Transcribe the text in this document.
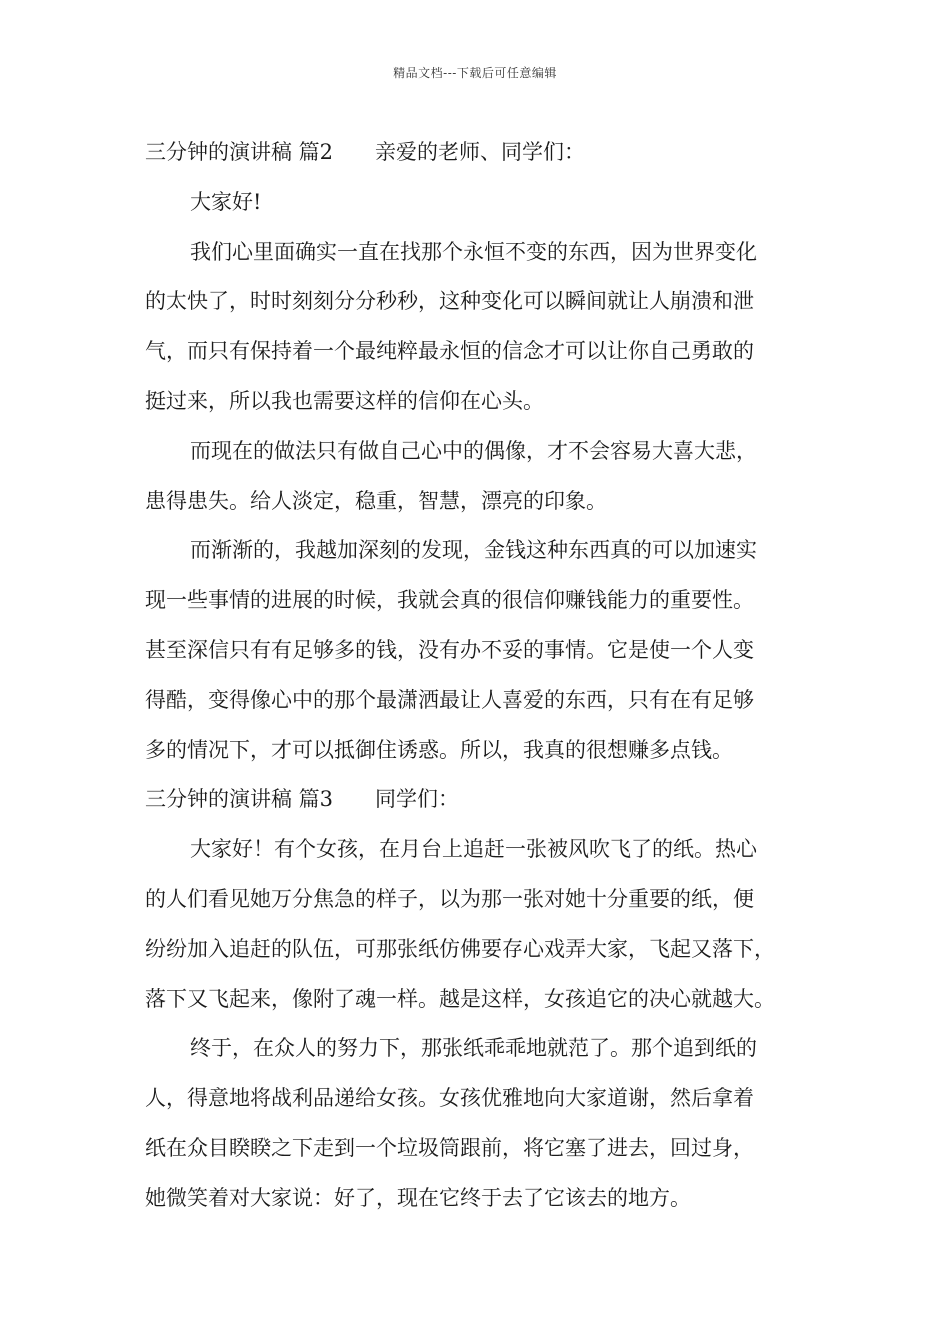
精品文档---下载后可任意编辑
三分钟的演讲稿 篇2 亲爱的老师、同学们：
大家好!
我们心里面确实一直在找那个永恒不变的东西，因为世界变化
的太快了，时时刻刻分分秒秒，这种变化可以瞬间就让人崩溃和泄
气，而只有保持着一个最纯粹最永恒的信念才可以让你自己勇敢的
挺过来，所以我也需要这样的信仰在心头。
而现在的做法只有做自己心中的偶像，才不会容易大喜大悲，
患得患失。给人淡定，稳重，智慧，漂亮的印象。
而渐渐的，我越加深刻的发现，金钱这种东西真的可以加速实
现一些事情的进展的时候，我就会真的很信仰赚钱能力的重要性。
甚至深信只有有足够多的钱，没有办不妥的事情。它是使一个人变
得酷，变得像心中的那个最潇洒最让人喜爱的东西，只有在有足够
多的情况下，才可以抵御住诱惑。所以，我真的很想赚多点钱。
三分钟的演讲稿 篇3 同学们：
大家好！有个女孩，在月台上追赶一张被风吹飞了的纸。热心
的人们看见她万分焦急的样子，以为那一张对她十分重要的纸，便
纷纷加入追赶的队伍，可那张纸仿佛要存心戏弄大家，飞起又落下，
落下又飞起来，像附了魂一样。越是这样，女孩追它的决心就越大。
终于，在众人的努力下，那张纸乖乖地就范了。那个追到纸的
人，得意地将战利品递给女孩。女孩优雅地向大家道谢，然后拿着
纸在众目睽睽之下走到一个垃圾筒跟前，将它塞了进去，回过身，
她微笑着对大家说：好了，现在它终于去了它该去的地方。
